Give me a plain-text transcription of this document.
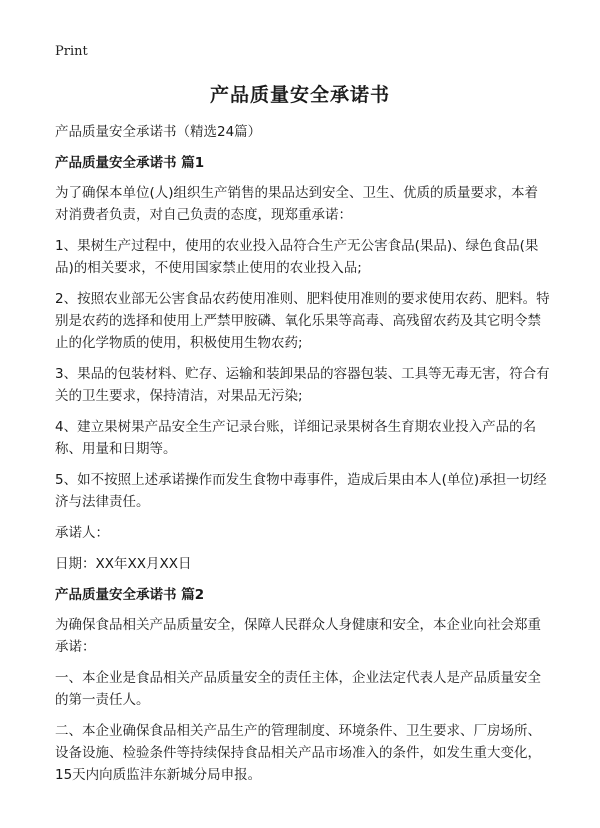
Print
产品质量安全承诺书
产品质量安全承诺书（精选24篇）
产品质量安全承诺书 篇1
为了确保本单位(人)组织生产销售的果品达到安全、卫生、优质的质量要求，本着对消费者负责，对自己负责的态度，现郑重承诺：
1、果树生产过程中，使用的农业投入品符合生产无公害食品(果品)、绿色食品(果品)的相关要求，不使用国家禁止使用的农业投入品;
2、按照农业部无公害食品农药使用准则、肥料使用准则的要求使用农药、肥料。特别是农药的选择和使用上严禁甲胺磷、氧化乐果等高毒、高残留农药及其它明令禁止的化学物质的使用，积极使用生物农药;
3、果品的包装材料、贮存、运输和装卸果品的容器包装、工具等无毒无害，符合有关的卫生要求，保持清洁，对果品无污染;
4、建立果树果产品安全生产记录台账，详细记录果树各生育期农业投入产品的名称、用量和日期等。
5、如不按照上述承诺操作而发生食物中毒事件，造成后果由本人(单位)承担一切经济与法律责任。
承诺人：
日期：XX年XX月XX日
产品质量安全承诺书 篇2
为确保食品相关产品质量安全，保障人民群众人身健康和安全，本企业向社会郑重承诺：
一、本企业是食品相关产品质量安全的责任主体，企业法定代表人是产品质量安全的第一责任人。
二、本企业确保食品相关产品生产的管理制度、环境条件、卫生要求、厂房场所、设备设施、检验条件等持续保持食品相关产品市场准入的条件，如发生重大变化，15天内向质监沣东新城分局申报。
